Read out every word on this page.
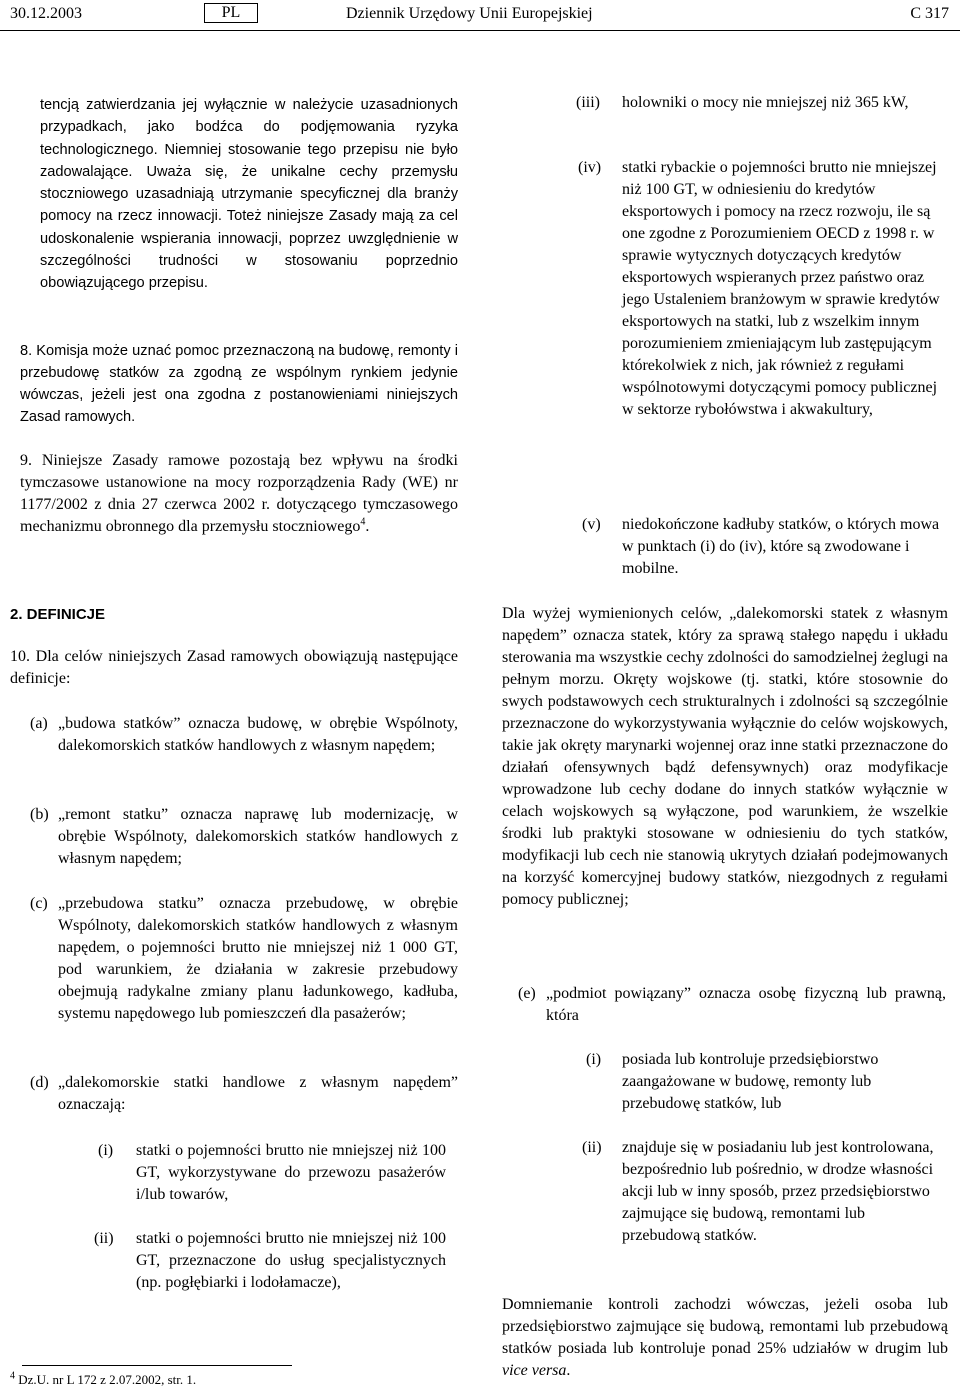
30.12.2003	PL	Dziennik Urzędowy Unii Europejskiej	C 317
tencją zatwierdzania jej wyłącznie w należycie uzasadnionych przypadkach, jako bodźca do podjęmowania ryzyka technologicznego. Niemniej stosowanie tego przepisu nie było zadowalające. Uważa się, że unikalne cechy przemysłu stoczniowego uzasadniają utrzymanie specyficznej dla branży pomocy na rzecz innowacji. Toteż niniejsze Zasady mają za cel udoskonalenie wspierania innowacji, poprzez uwzględnienie w szczególności trudności w stosowaniu poprzednio obowiązującego przepisu.
8. Komisja może uznać pomoc przeznaczoną na budowę, remonty i przebudowę statków za zgodną ze wspólnym rynkiem jedynie wówczas, jeżeli jest ona zgodna z postanowieniami niniejszych Zasad ramowych.
9. Niniejsze Zasady ramowe pozostają bez wpływu na środki tymczasowe ustanowione na mocy rozporządzenia Rady (WE) nr 1177/2002 z dnia 27 czerwca 2002 r. dotyczącego tymczasowego mechanizmu obronnego dla przemysłu stoczniowego$^4$.
2. DEFINICJE
10. Dla celów niniejszych Zasad ramowych obowiązują następujące definicje:
(a) „budowa statków” oznacza budowę, w obrębie Wspólnoty, dalekomorskich statków handlowych z własnym napędem;
(b) „remont statku” oznacza naprawę lub modernizację, w obrębie Wspólnoty, dalekomorskich statków handlowych z własnym napędem;
(c) „przebudowa statku” oznacza przebudowę, w obrębie Wspólnoty, dalekomorskich statków handlowych z własnym napędem, o pojemności brutto nie mniejszej niż 1 000 GT, pod warunkiem, że działania w zakresie przebudowy obejmują radykalne zmiany planu ładunkowego, kadłuba, systemu napędowego lub pomieszczeń dla pasażerów;
(d) „dalekomorskie statki handlowe z własnym napędem” oznaczają:
(i) statki o pojemności brutto nie mniejszej niż 100 GT, wykorzystywane do przewozu pasażerów i/lub towarów,
(ii) statki o pojemności brutto nie mniejszej niż 100 GT, przeznaczone do usług specjalistycznych (np. pogłębiarki i lodołamacze),
$^4$ Dz.U. nr L 172 z 2.07.2002, str. 1.
(iii) holowniki o mocy nie mniejszej niż 365 kW,
(iv) statki rybackie o pojemności brutto nie mniejszej niż 100 GT, w odniesieniu do kredytów eksportowych i pomocy na rzecz rozwoju, ile są one zgodne z Porozumieniem OECD z 1998 r. w sprawie wytycznych dotyczących kredytów eksportowych wspieranych przez państwo oraz jego Ustaleniem branżowym w sprawie kredytów eksportowych na statki, lub z wszelkim innym porozumieniem zmieniającym lub zastępującym którekolwiek z nich, jak również z regułami wspólnotowymi dotyczącymi pomocy publicznej w sektorze rybołówstwa i akwakultury,
(v) niedokończone kadłuby statków, o których mowa w punktach (i) do (iv), które są zwodowane i mobilne.
Dla wyżej wymienionych celów, „dalekomorski statek z własnym napędem” oznacza statek, który za sprawą stałego napędu i układu sterowania ma wszystkie cechy zdolności do samodzielnej żeglugi na pełnym morzu. Okręty wojskowe (tj. statki, które stosownie do swych podstawowych cech strukturalnych i zdolności są szczególnie przeznaczone do wykorzystywania wyłącznie do celów wojskowych, takie jak okręty marynarki wojennej oraz inne statki przeznaczone do działań ofensywnych bądź defensywnych) oraz modyfikacje wprowadzone lub cechy dodane do innych statków wyłącznie w celach wojskowych są wyłączone, pod warunkiem, że wszelkie środki lub praktyki stosowane w odniesieniu do tych statków, modyfikacji lub cech nie stanowią ukrytych działań podejmowanych na korzyść komercyjnej budowy statków, niezgodnych z regułami pomocy publicznej;
(e) „podmiot powiązany” oznacza osobę fizyczną lub prawną, która
(i) posiada lub kontroluje przedsiębiorstwo zaangażowane w budowę, remonty lub przebudowę statków, lub
(ii) znajduje się w posiadaniu lub jest kontrolowana, bezpośrednio lub pośrednio, w drodze własności akcji lub w inny sposób, przez przedsiębiorstwo zajmujące się budową, remontami lub przebudową statków.
Domniemanie kontroli zachodzi wówczas, jeżeli osoba lub przedsiębiorstwo zajmujące się budową, remontami lub przebudową statków posiada lub kontroluje ponad 25% udziałów w drugim lub vice versa.
